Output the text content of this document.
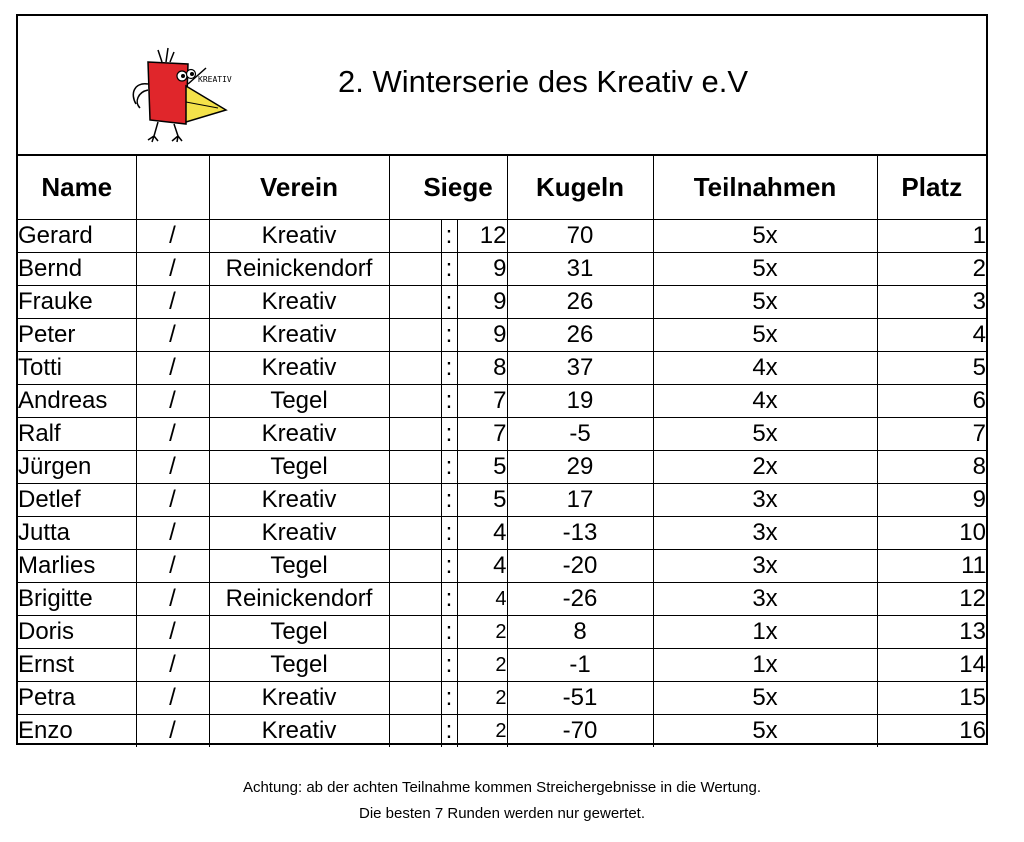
KREATIV	2. Winterserie des Kreativ e.V
Name		Verein	Siege			Kugeln	Teilnahmen	Platz
Gerard	/	Kreativ		:	12	70	5x	1
Bernd	/	Reinickendorf		:	9	31	5x	2
Frauke	/	Kreativ		:	9	26	5x	3
Peter	/	Kreativ		:	9	26	5x	4
Totti	/	Kreativ		:	8	37	4x	5
Andreas	/	Tegel		:	7	19	4x	6
Ralf	/	Kreativ		:	7	-5	5x	7
Jürgen	/	Tegel		:	5	29	2x	8
Detlef	/	Kreativ		:	5	17	3x	9
Jutta	/	Kreativ		:	4	-13	3x	10
Marlies	/	Tegel		:	4	-20	3x	11
Brigitte	/	Reinickendorf		:	4	-26	3x	12
Doris	/	Tegel		:	2	8	1x	13
Ernst	/	Tegel		:	2	-1	1x	14
Petra	/	Kreativ		:	2	-51	5x	15
Enzo	/	Kreativ		:	2	-70	5x	16
Achtung: ab der achten Teilnahme kommen Streichergebnisse in die Wertung.
Die besten 7 Runden werden nur gewertet.
